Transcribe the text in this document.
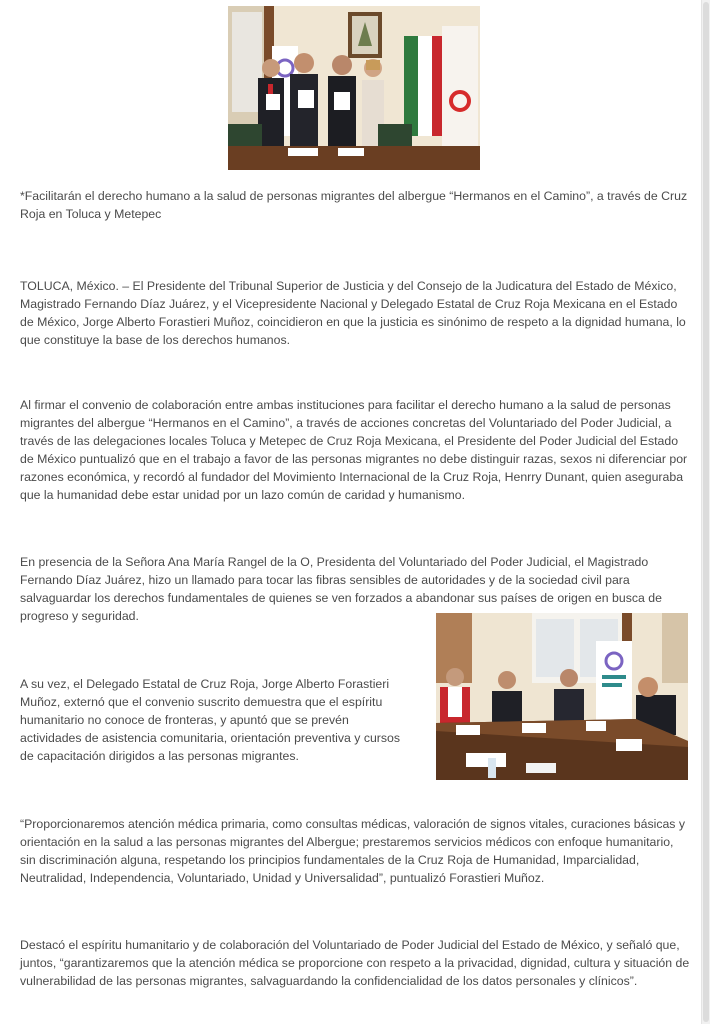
*Facilitarán el derecho humano a la salud de personas migrantes del albergue “Hermanos en el Camino”, a través de Cruz Roja en Toluca y Metepec

TOLUCA, México. – El Presidente del Tribunal Superior de Justicia y del Consejo de la Judicatura del Estado de México, Magistrado Fernando Díaz Juárez, y el Vicepresidente Nacional y Delegado Estatal de Cruz Roja Mexicana en el Estado de México, Jorge Alberto Forastieri Muñoz, coincidieron en que la justicia es sinónimo de respeto a la dignidad humana, lo que constituye la base de los derechos humanos.

Al firmar el convenio de colaboración entre ambas instituciones para facilitar el derecho humano a la salud de personas migrantes del albergue “Hermanos en el Camino”, a través de acciones concretas del Voluntariado del Poder Judicial, a través de las delegaciones locales Toluca y Metepec de Cruz Roja Mexicana, el Presidente del Poder Judicial del Estado de México puntualizó que en el trabajo a favor de las personas migrantes no debe distinguir razas, sexos ni diferenciar por razones económica, y recordó al fundador del Movimiento Internacional de la Cruz Roja, Henrry Dunant, quien aseguraba que la humanidad debe estar unidad por un lazo común de caridad y humanismo.

En presencia de la Señora Ana María Rangel de la O, Presidenta del Voluntariado del Poder Judicial, el Magistrado Fernando Díaz Juárez, hizo un llamado para tocar las fibras sensibles de autoridades y de la sociedad civil para salvaguardar los derechos fundamentales de quienes se ven forzados a abandonar sus países de origen en busca de progreso y seguridad.

A su vez, el Delegado Estatal de Cruz Roja, Jorge Alberto Forastieri Muñoz, externó que el convenio suscrito demuestra que el espíritu humanitario no conoce de fronteras, y apuntó que se prevén actividades de asistencia comunitaria, orientación preventiva y cursos de capacitación dirigidos a las personas migrantes.

“Proporcionaremos atención médica primaria, como consultas médicas, valoración de signos vitales, curaciones básicas y orientación en la salud a las personas migrantes del Albergue; prestaremos servicios médicos con enfoque humanitario, sin discriminación alguna, respetando los principios fundamentales de la Cruz Roja de Humanidad, Imparcialidad, Neutralidad, Independencia, Voluntariado, Unidad y Universalidad”, puntualizó Forastieri Muñoz.

Destacó el espíritu humanitario y de colaboración del Voluntariado de Poder Judicial del Estado de México, y señaló que, juntos, “garantizaremos que la atención médica se proporcione con respeto a la privacidad, dignidad, cultura y situación de vulnerabilidad de las personas migrantes, salvaguardando la confidencialidad de los datos personales y clínicos”.
